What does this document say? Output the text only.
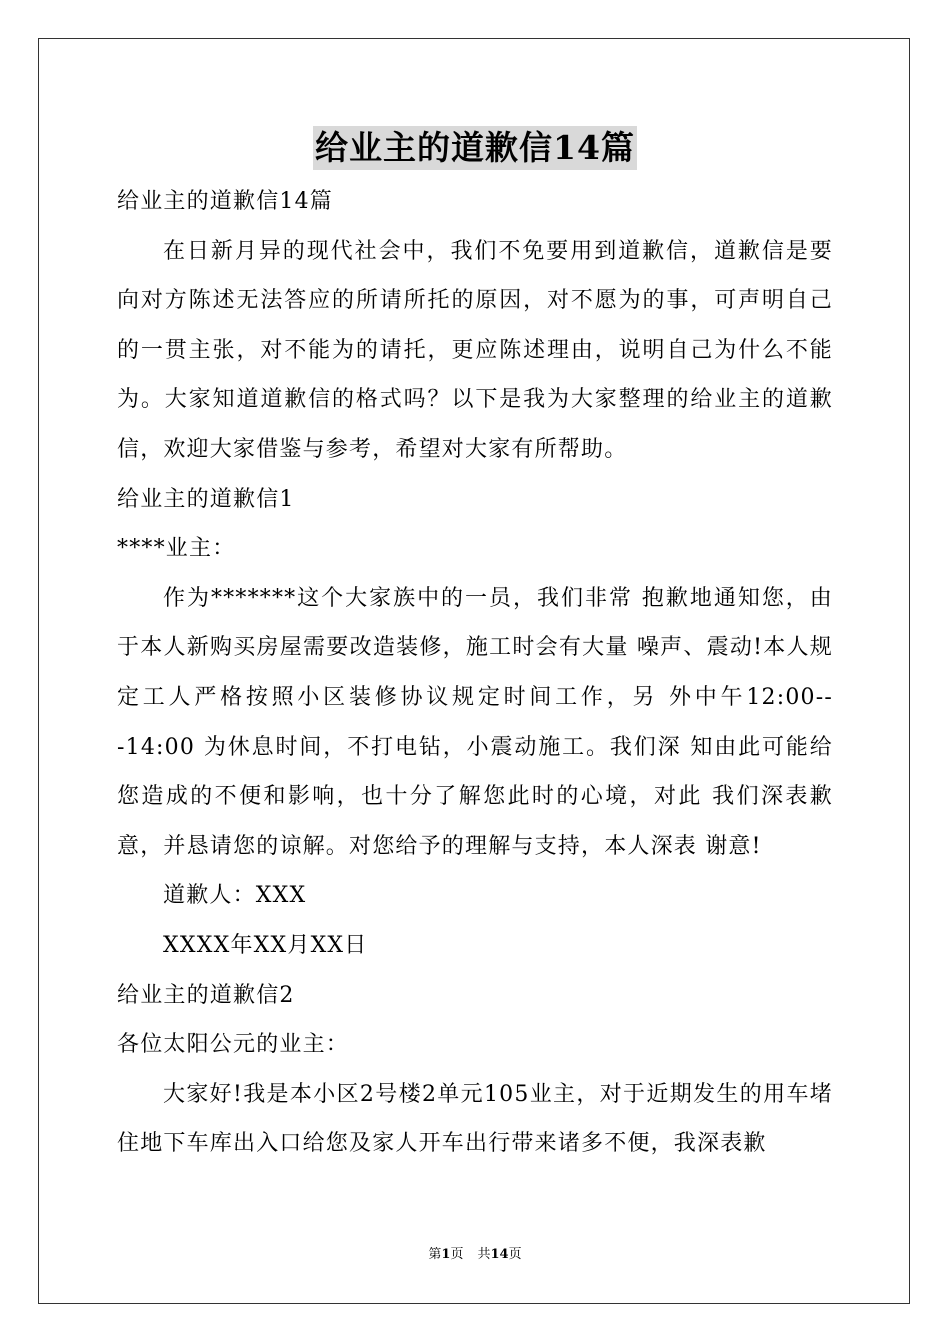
给业主的道歉信14篇

给业主的道歉信14篇

在日新月异的现代社会中，我们不免要用到道歉信，道歉信是要向对方陈述无法答应的所请所托的原因，对不愿为的事，可声明自己的一贯主张，对不能为的请托，更应陈述理由，说明自己为什么不能为。大家知道道歉信的格式吗？以下是我为大家整理的给业主的道歉信，欢迎大家借鉴与参考，希望对大家有所帮助。

给业主的道歉信1

****业主：

作为*******这个大家族中的一员，我们非常 抱歉地通知您，由于本人新购买房屋需要改造装修，施工时会有大量 噪声、震动!本人规定工人严格按照小区装修协议规定时间工作，另 外中午12:00---14:00 为休息时间，不打电钻，小震动施工。我们深 知由此可能给您造成的不便和影响，也十分了解您此时的心境，对此 我们深表歉意，并恳请您的谅解。对您给予的理解与支持，本人深表 谢意!

道歉人：XXX

XXXX年XX月XX日

给业主的道歉信2

各位太阳公元的业主：

大家好!我是本小区2号楼2单元105业主，对于近期发生的用车堵住地下车库出入口给您及家人开车出行带来诸多不便，我深表歉

第1页 共14页
